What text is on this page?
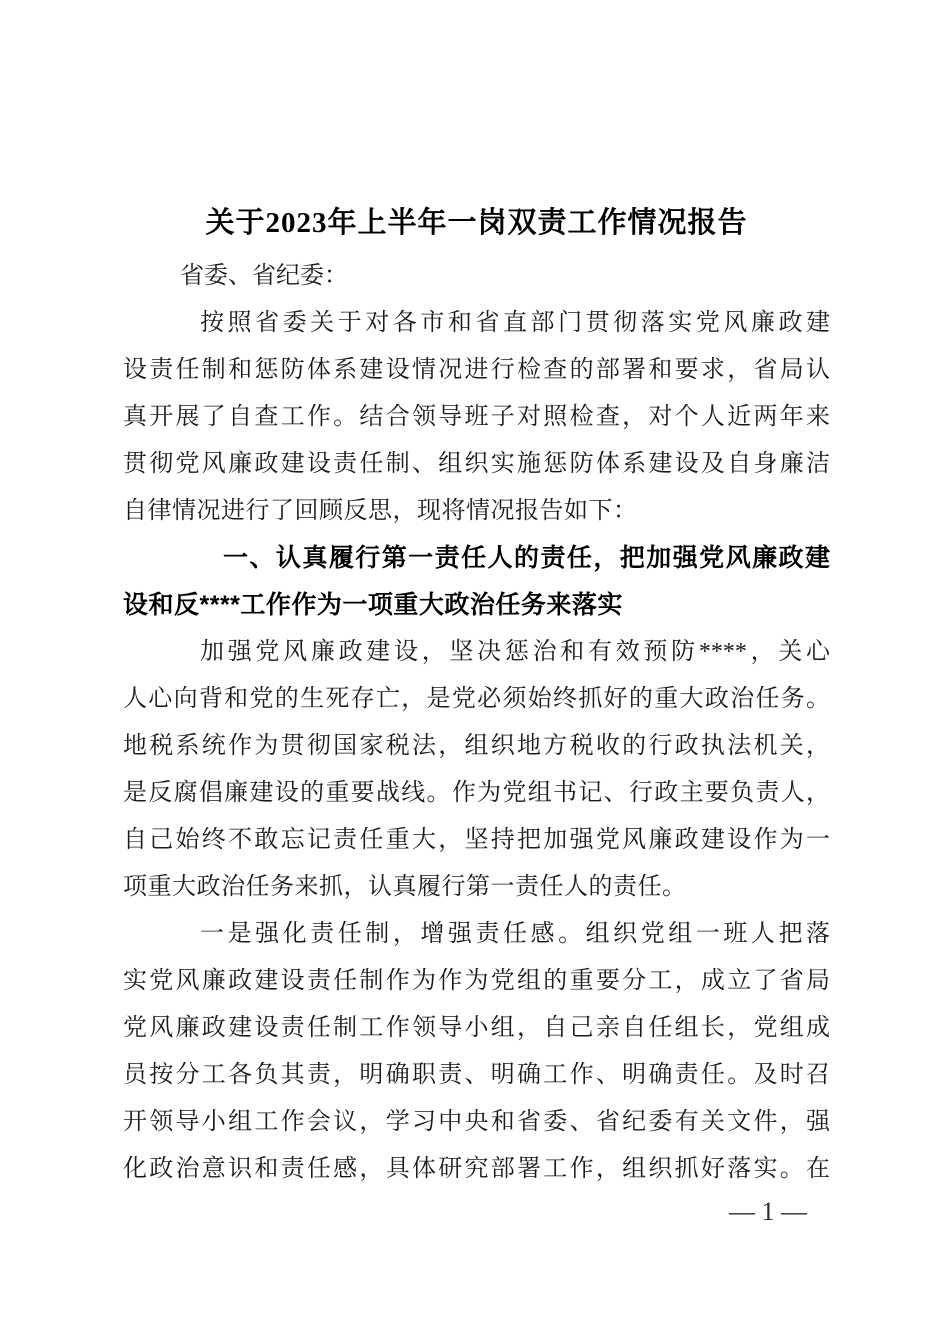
关于2023年上半年一岗双责工作情况报告
省委、省纪委：
按照省委关于对各市和省直部门贯彻落实党风廉政建
设责任制和惩防体系建设情况进行检查的部署和要求，省局认
真开展了自查工作。结合领导班子对照检查，对个人近两年来
贯彻党风廉政建设责任制、组织实施惩防体系建设及自身廉洁
自律情况进行了回顾反思，现将情况报告如下：
一、认真履行第一责任人的责任，把加强党风廉政建
设和反****工作作为一项重大政治任务来落实
加强党风廉政建设，坚决惩治和有效预防****，关心
人心向背和党的生死存亡，是党必须始终抓好的重大政治任务。
地税系统作为贯彻国家税法，组织地方税收的行政执法机关，
是反腐倡廉建设的重要战线。作为党组书记、行政主要负责人，
自己始终不敢忘记责任重大，坚持把加强党风廉政建设作为一
项重大政治任务来抓，认真履行第一责任人的责任。
一是强化责任制，增强责任感。组织党组一班人把落
实党风廉政建设责任制作为作为党组的重要分工，成立了省局
党风廉政建设责任制工作领导小组，自己亲自任组长，党组成
员按分工各负其责，明确职责、明确工作、明确责任。及时召
开领导小组工作会议，学习中央和省委、省纪委有关文件，强
化政治意识和责任感，具体研究部署工作，组织抓好落实。在
— 1 —
